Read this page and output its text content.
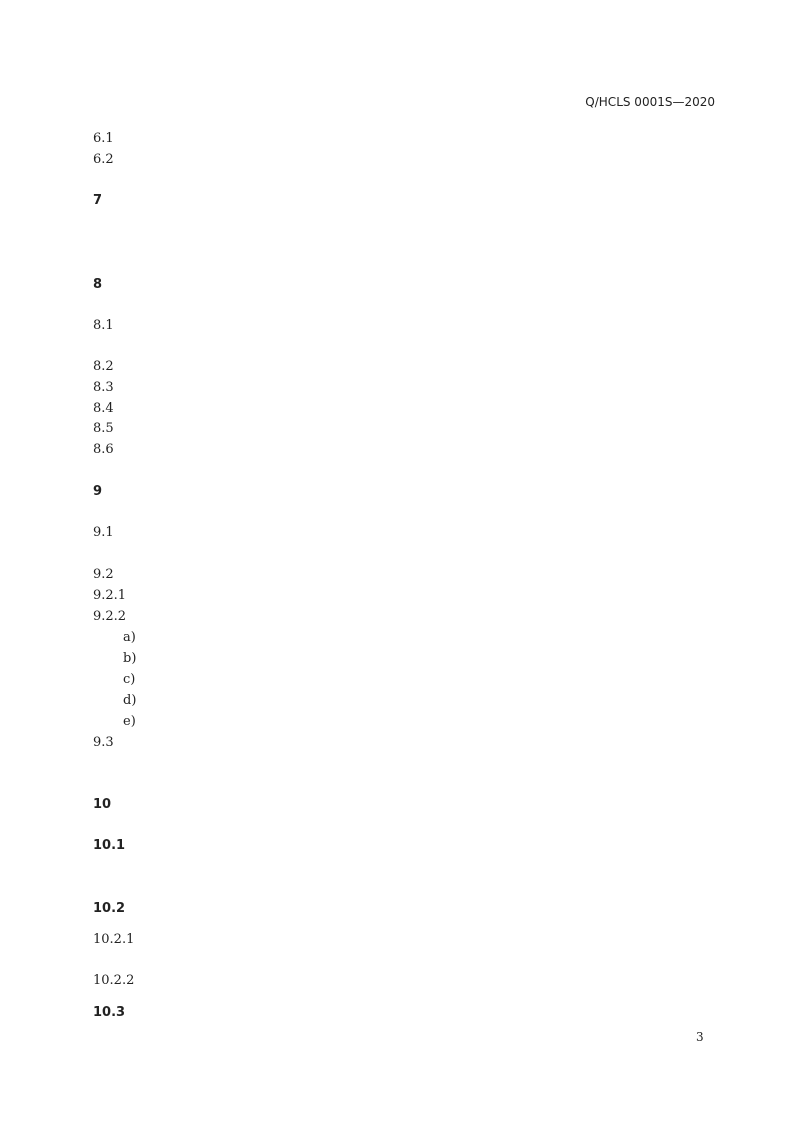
Q/HCLS 0001S—2020
6.1
6.2
7
8
8.1
8.2
8.3
8.4
8.5
8.6
9
9.1
9.2
9.2.1
9.2.2
a)
b)
c)
d)
e)
9.3
10
10.1
10.2
10.2.1
10.2.2
10.3
3
